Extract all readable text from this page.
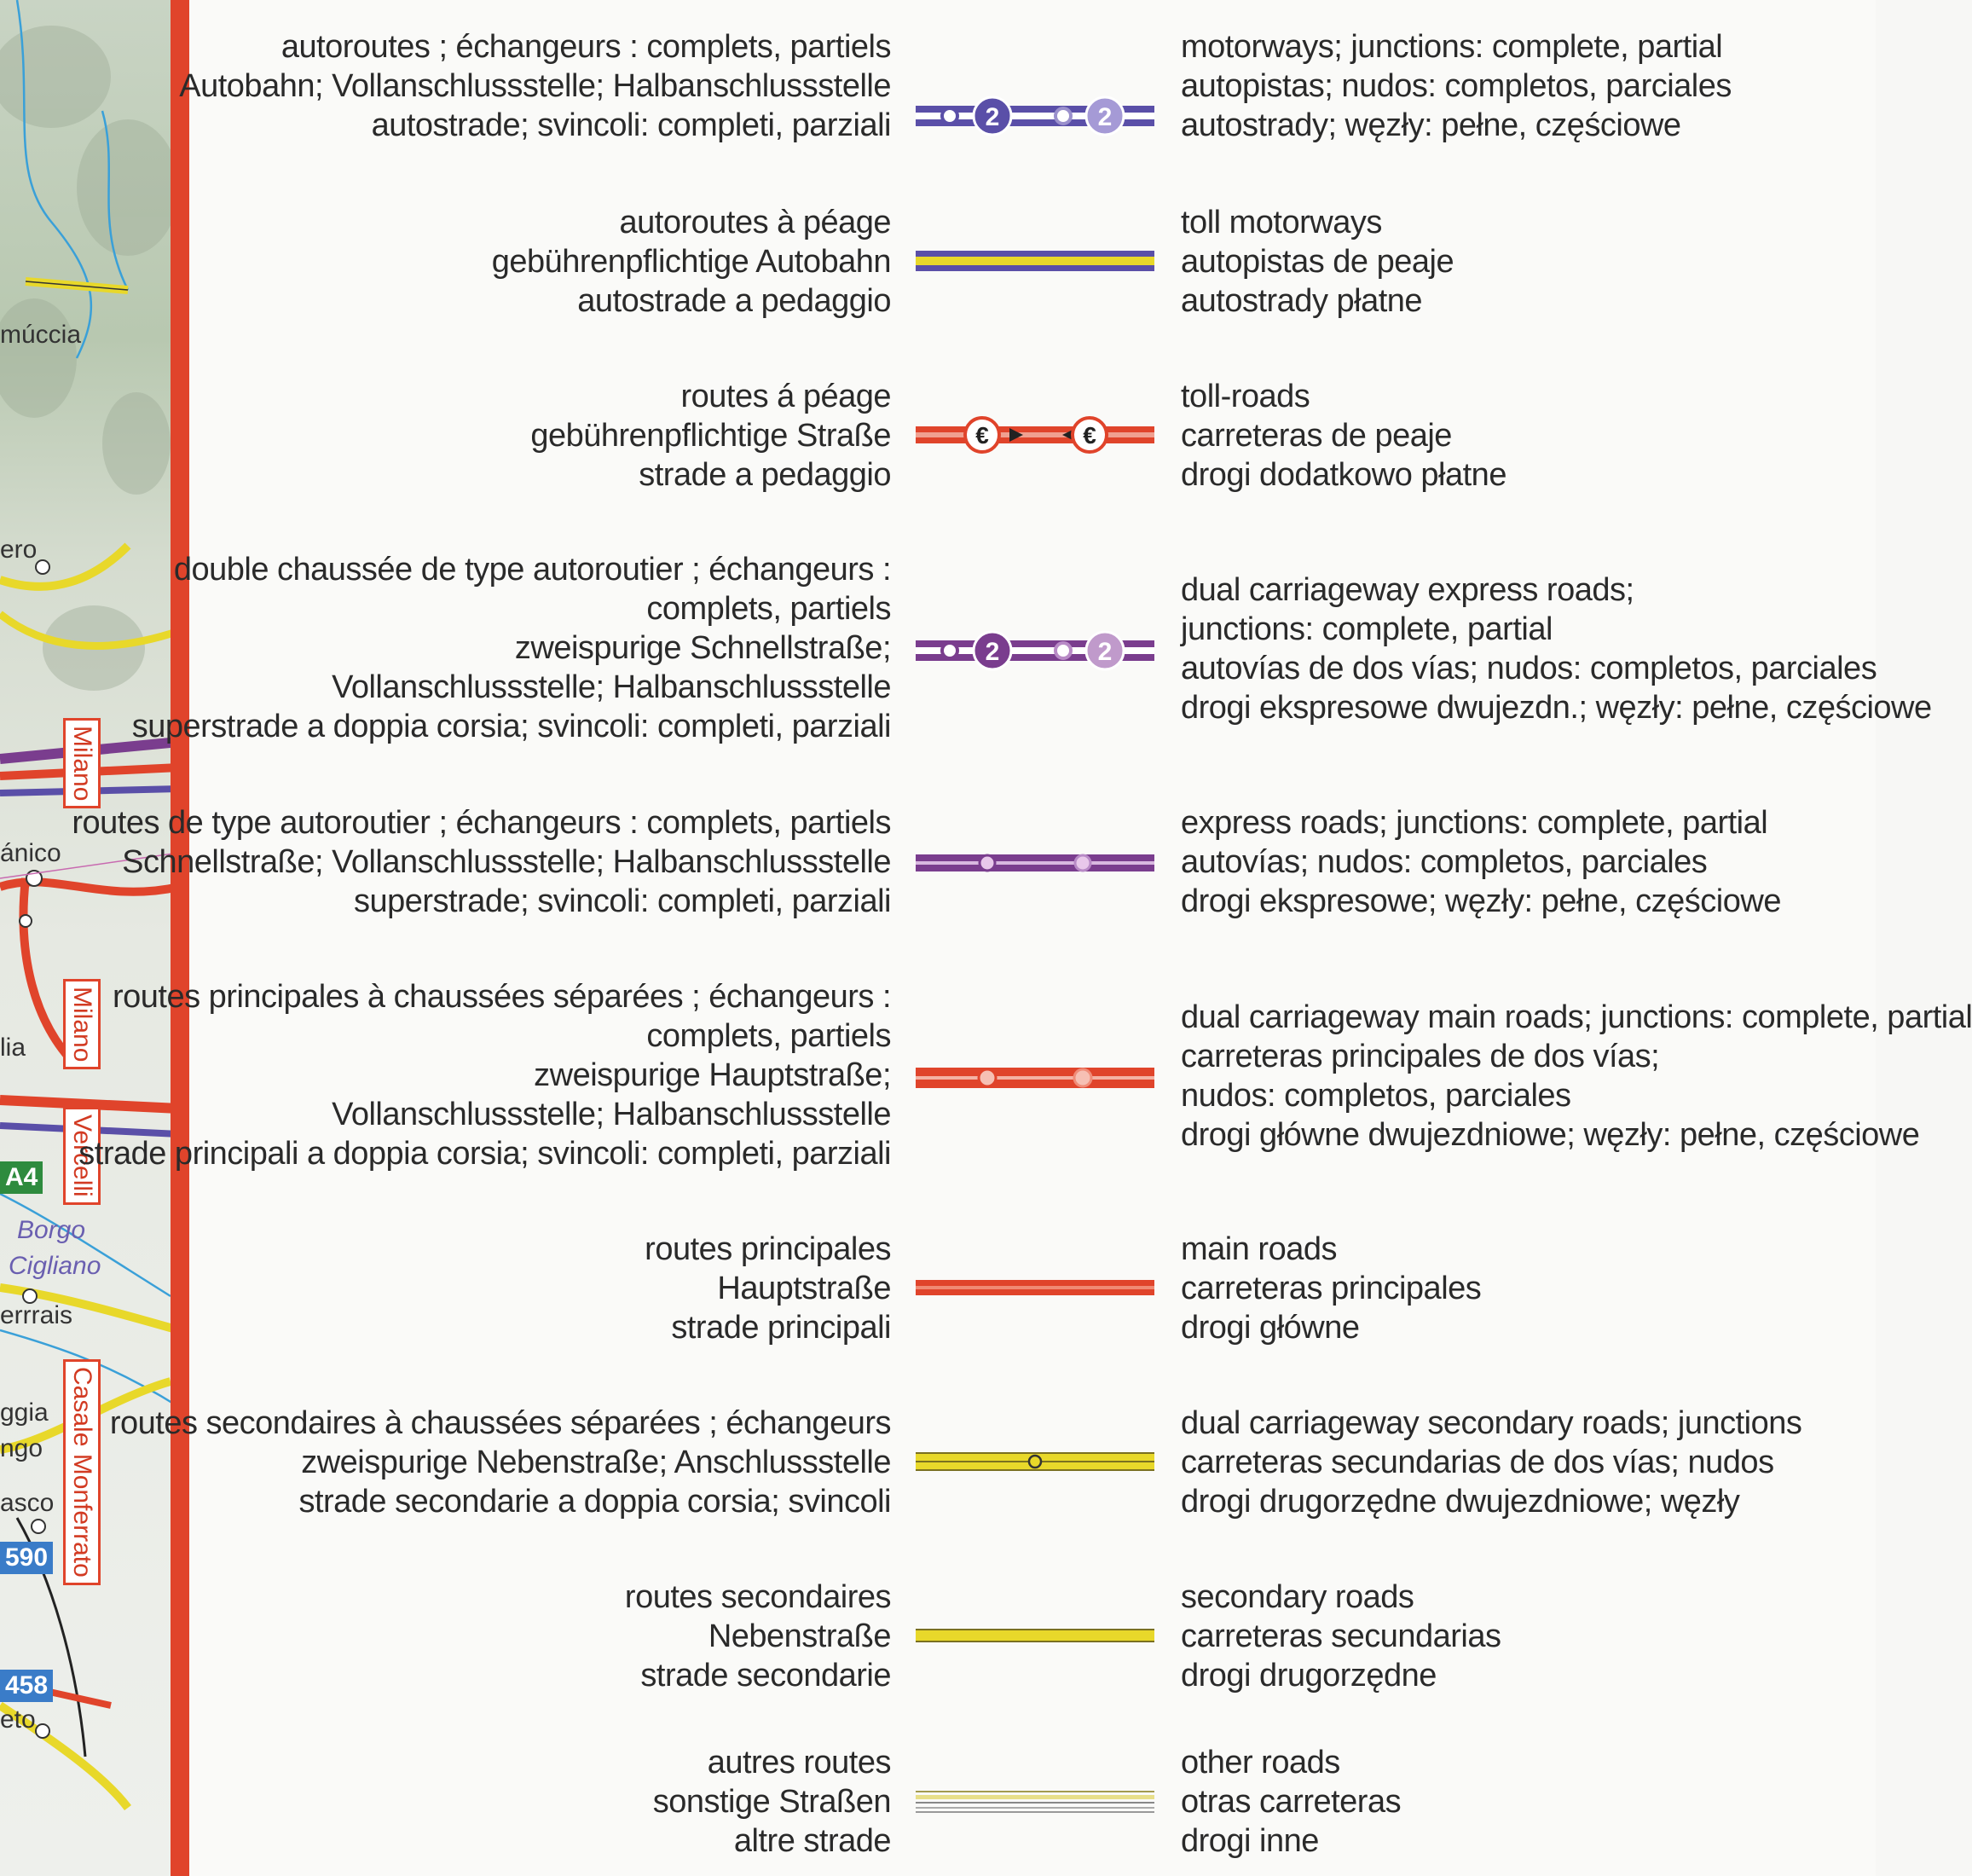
múccia
ero
ánico
lia
Borgo
Cigliano
errrais
ggia
ngo
asco
eto
Milano
Milano
Vercelli
Casale Monferrato
A4
590
458
autoroutes ; échangeurs : complets, partiels
Autobahn; Vollanschlussstelle; Halbanschlussstelle
autostrade; svincoli: completi, parziali	2	2
motorways; junctions: complete, partial
autopistas; nudos: completos, parciales
autostrady; węzły: pełne, częściowe
autoroutes à péage
gebührenpflichtige Autobahn
autostrade a pedaggio
toll motorways
autopistas de peaje
autostrady płatne
routes á péage
gebührenpflichtige Straße
strade a pedaggio
€	€
toll-roads
carreteras de peaje
drogi dodatkowo płatne
double chaussée de type autoroutier ; échangeurs :
complets, partiels
zweispurige Schnellstraße;
Vollanschlussstelle; Halbanschlussstelle
superstrade a doppia corsia; svincoli: completi, parziali
2	2
dual carriageway express roads;
junctions: complete, partial
autovías de dos vías; nudos: completos, parciales
drogi ekspresowe dwujezdn.; węzły: pełne, częściowe
routes de type autoroutier ; échangeurs : complets, partiels
Schnellstraße; Vollanschlussstelle; Halbanschlussstelle
superstrade; svincoli: completi, parziali
express roads; junctions: complete, partial
autovías; nudos: completos, parciales
drogi ekspresowe; węzły: pełne, częściowe
routes principales à chaussées séparées ; échangeurs :
complets, partiels
zweispurige Hauptstraße;
Vollanschlussstelle; Halbanschlussstelle
strade principali a doppia corsia; svincoli: completi, parziali
dual carriageway main roads; junctions: complete, partial
carreteras principales de dos vías;
nudos: completos, parciales
drogi główne dwujezdniowe; węzły: pełne, częściowe
routes principales
Hauptstraße
strade principali
main roads
carreteras principales
drogi główne
routes secondaires à chaussées séparées ; échangeurs
zweispurige Nebenstraße; Anschlussstelle
strade secondarie a doppia corsia; svincoli
dual carriageway secondary roads; junctions
carreteras secundarias de dos vías; nudos
drogi drugorzędne dwujezdniowe; węzły
routes secondaires
Nebenstraße
strade secondarie
secondary roads
carreteras secundarias
drogi drugorzędne
autres routes
sonstige Straßen
altre strade
other roads
otras carreteras
drogi inne
